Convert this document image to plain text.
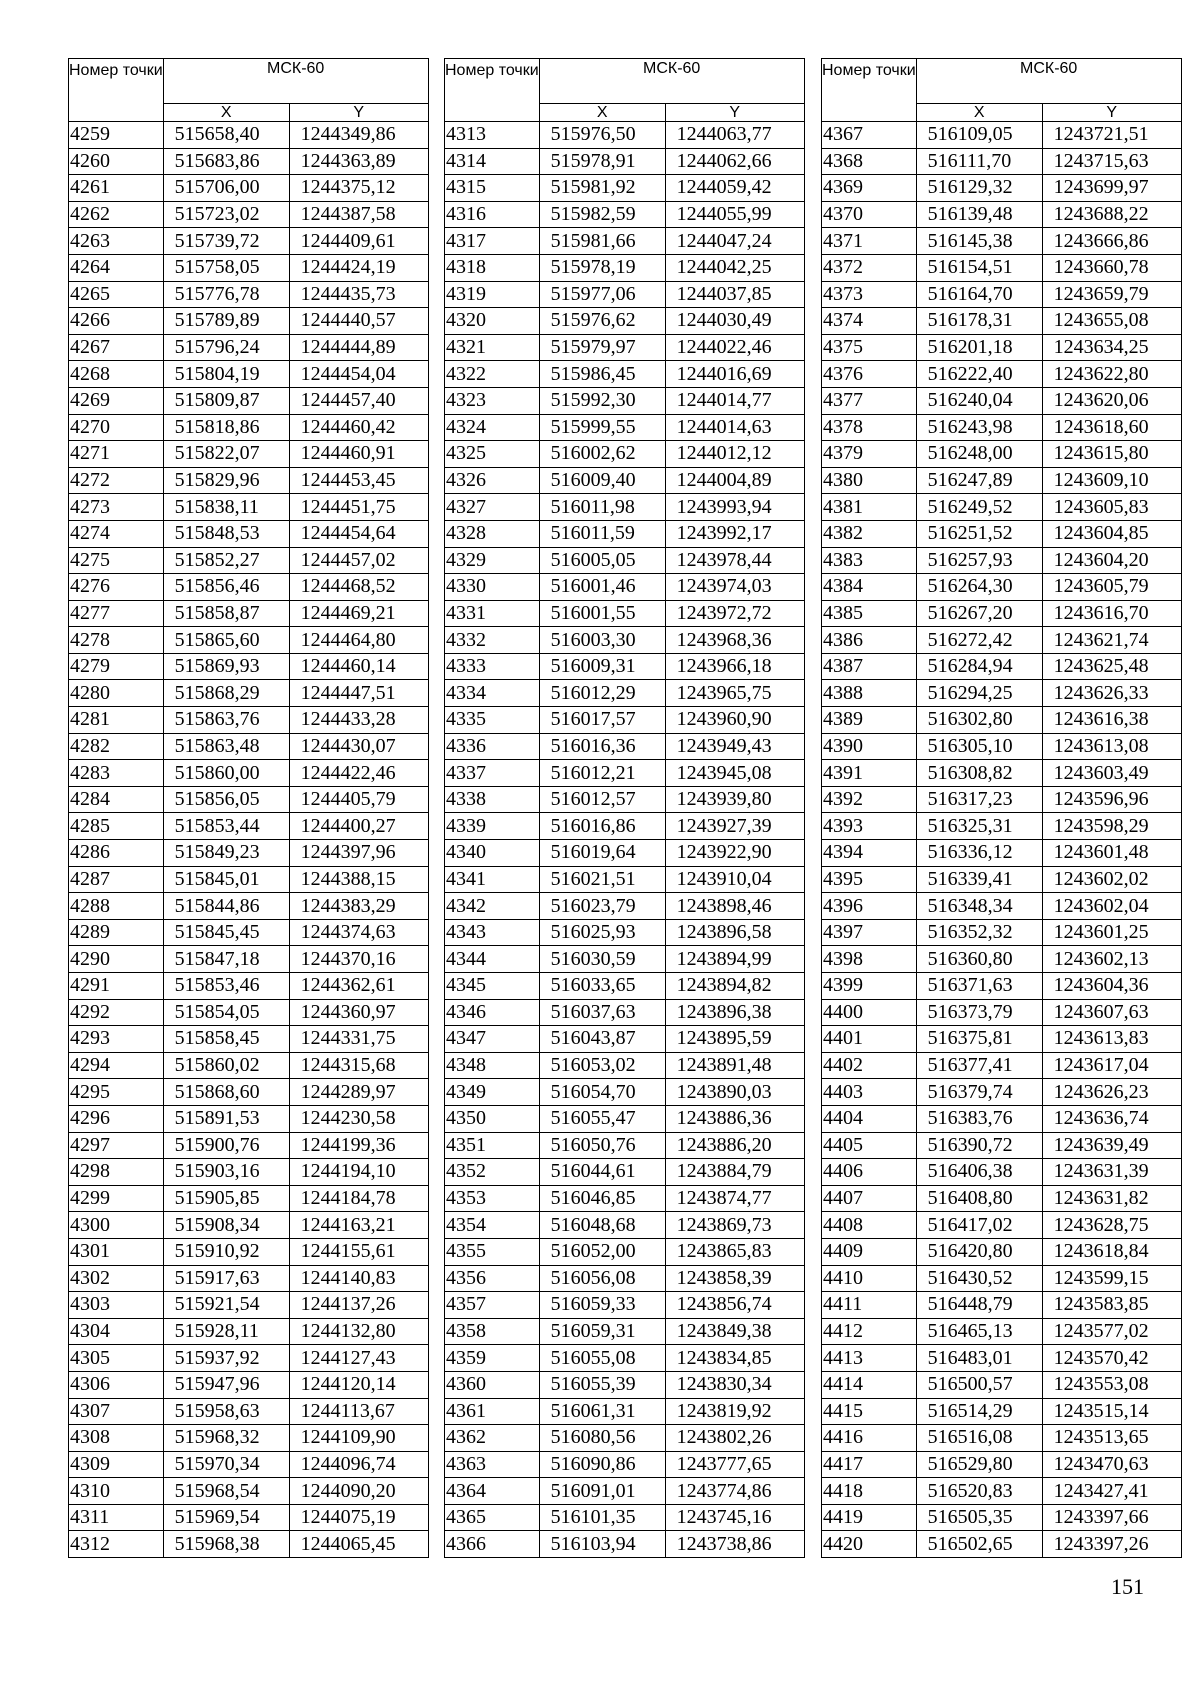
Номер точки	МСК-60	
	X	Y
4259	515658,40	1244349,86
4260	515683,86	1244363,89
4261	515706,00	1244375,12
4262	515723,02	1244387,58
4263	515739,72	1244409,61
4264	515758,05	1244424,19
4265	515776,78	1244435,73
4266	515789,89	1244440,57
4267	515796,24	1244444,89
4268	515804,19	1244454,04
4269	515809,87	1244457,40
4270	515818,86	1244460,42
4271	515822,07	1244460,91
4272	515829,96	1244453,45
4273	515838,11	1244451,75
4274	515848,53	1244454,64
4275	515852,27	1244457,02
4276	515856,46	1244468,52
4277	515858,87	1244469,21
4278	515865,60	1244464,80
4279	515869,93	1244460,14
4280	515868,29	1244447,51
4281	515863,76	1244433,28
4282	515863,48	1244430,07
4283	515860,00	1244422,46
4284	515856,05	1244405,79
4285	515853,44	1244400,27
4286	515849,23	1244397,96
4287	515845,01	1244388,15
4288	515844,86	1244383,29
4289	515845,45	1244374,63
4290	515847,18	1244370,16
4291	515853,46	1244362,61
4292	515854,05	1244360,97
4293	515858,45	1244331,75
4294	515860,02	1244315,68
4295	515868,60	1244289,97
4296	515891,53	1244230,58
4297	515900,76	1244199,36
4298	515903,16	1244194,10
4299	515905,85	1244184,78
4300	515908,34	1244163,21
4301	515910,92	1244155,61
4302	515917,63	1244140,83
4303	515921,54	1244137,26
4304	515928,11	1244132,80
4305	515937,92	1244127,43
4306	515947,96	1244120,14
4307	515958,63	1244113,67
4308	515968,32	1244109,90
4309	515970,34	1244096,74
4310	515968,54	1244090,20
4311	515969,54	1244075,19
4312	515968,38	1244065,45
Номер точки	МСК-60	
	X	Y
4313	515976,50	1244063,77
4314	515978,91	1244062,66
4315	515981,92	1244059,42
4316	515982,59	1244055,99
4317	515981,66	1244047,24
4318	515978,19	1244042,25
4319	515977,06	1244037,85
4320	515976,62	1244030,49
4321	515979,97	1244022,46
4322	515986,45	1244016,69
4323	515992,30	1244014,77
4324	515999,55	1244014,63
4325	516002,62	1244012,12
4326	516009,40	1244004,89
4327	516011,98	1243993,94
4328	516011,59	1243992,17
4329	516005,05	1243978,44
4330	516001,46	1243974,03
4331	516001,55	1243972,72
4332	516003,30	1243968,36
4333	516009,31	1243966,18
4334	516012,29	1243965,75
4335	516017,57	1243960,90
4336	516016,36	1243949,43
4337	516012,21	1243945,08
4338	516012,57	1243939,80
4339	516016,86	1243927,39
4340	516019,64	1243922,90
4341	516021,51	1243910,04
4342	516023,79	1243898,46
4343	516025,93	1243896,58
4344	516030,59	1243894,99
4345	516033,65	1243894,82
4346	516037,63	1243896,38
4347	516043,87	1243895,59
4348	516053,02	1243891,48
4349	516054,70	1243890,03
4350	516055,47	1243886,36
4351	516050,76	1243886,20
4352	516044,61	1243884,79
4353	516046,85	1243874,77
4354	516048,68	1243869,73
4355	516052,00	1243865,83
4356	516056,08	1243858,39
4357	516059,33	1243856,74
4358	516059,31	1243849,38
4359	516055,08	1243834,85
4360	516055,39	1243830,34
4361	516061,31	1243819,92
4362	516080,56	1243802,26
4363	516090,86	1243777,65
4364	516091,01	1243774,86
4365	516101,35	1243745,16
4366	516103,94	1243738,86
Номер точки	МСК-60	
	X	Y
4367	516109,05	1243721,51
4368	516111,70	1243715,63
4369	516129,32	1243699,97
4370	516139,48	1243688,22
4371	516145,38	1243666,86
4372	516154,51	1243660,78
4373	516164,70	1243659,79
4374	516178,31	1243655,08
4375	516201,18	1243634,25
4376	516222,40	1243622,80
4377	516240,04	1243620,06
4378	516243,98	1243618,60
4379	516248,00	1243615,80
4380	516247,89	1243609,10
4381	516249,52	1243605,83
4382	516251,52	1243604,85
4383	516257,93	1243604,20
4384	516264,30	1243605,79
4385	516267,20	1243616,70
4386	516272,42	1243621,74
4387	516284,94	1243625,48
4388	516294,25	1243626,33
4389	516302,80	1243616,38
4390	516305,10	1243613,08
4391	516308,82	1243603,49
4392	516317,23	1243596,96
4393	516325,31	1243598,29
4394	516336,12	1243601,48
4395	516339,41	1243602,02
4396	516348,34	1243602,04
4397	516352,32	1243601,25
4398	516360,80	1243602,13
4399	516371,63	1243604,36
4400	516373,79	1243607,63
4401	516375,81	1243613,83
4402	516377,41	1243617,04
4403	516379,74	1243626,23
4404	516383,76	1243636,74
4405	516390,72	1243639,49
4406	516406,38	1243631,39
4407	516408,80	1243631,82
4408	516417,02	1243628,75
4409	516420,80	1243618,84
4410	516430,52	1243599,15
4411	516448,79	1243583,85
4412	516465,13	1243577,02
4413	516483,01	1243570,42
4414	516500,57	1243553,08
4415	516514,29	1243515,14
4416	516516,08	1243513,65
4417	516529,80	1243470,63
4418	516520,83	1243427,41
4419	516505,35	1243397,66
4420	516502,65	1243397,26
151
